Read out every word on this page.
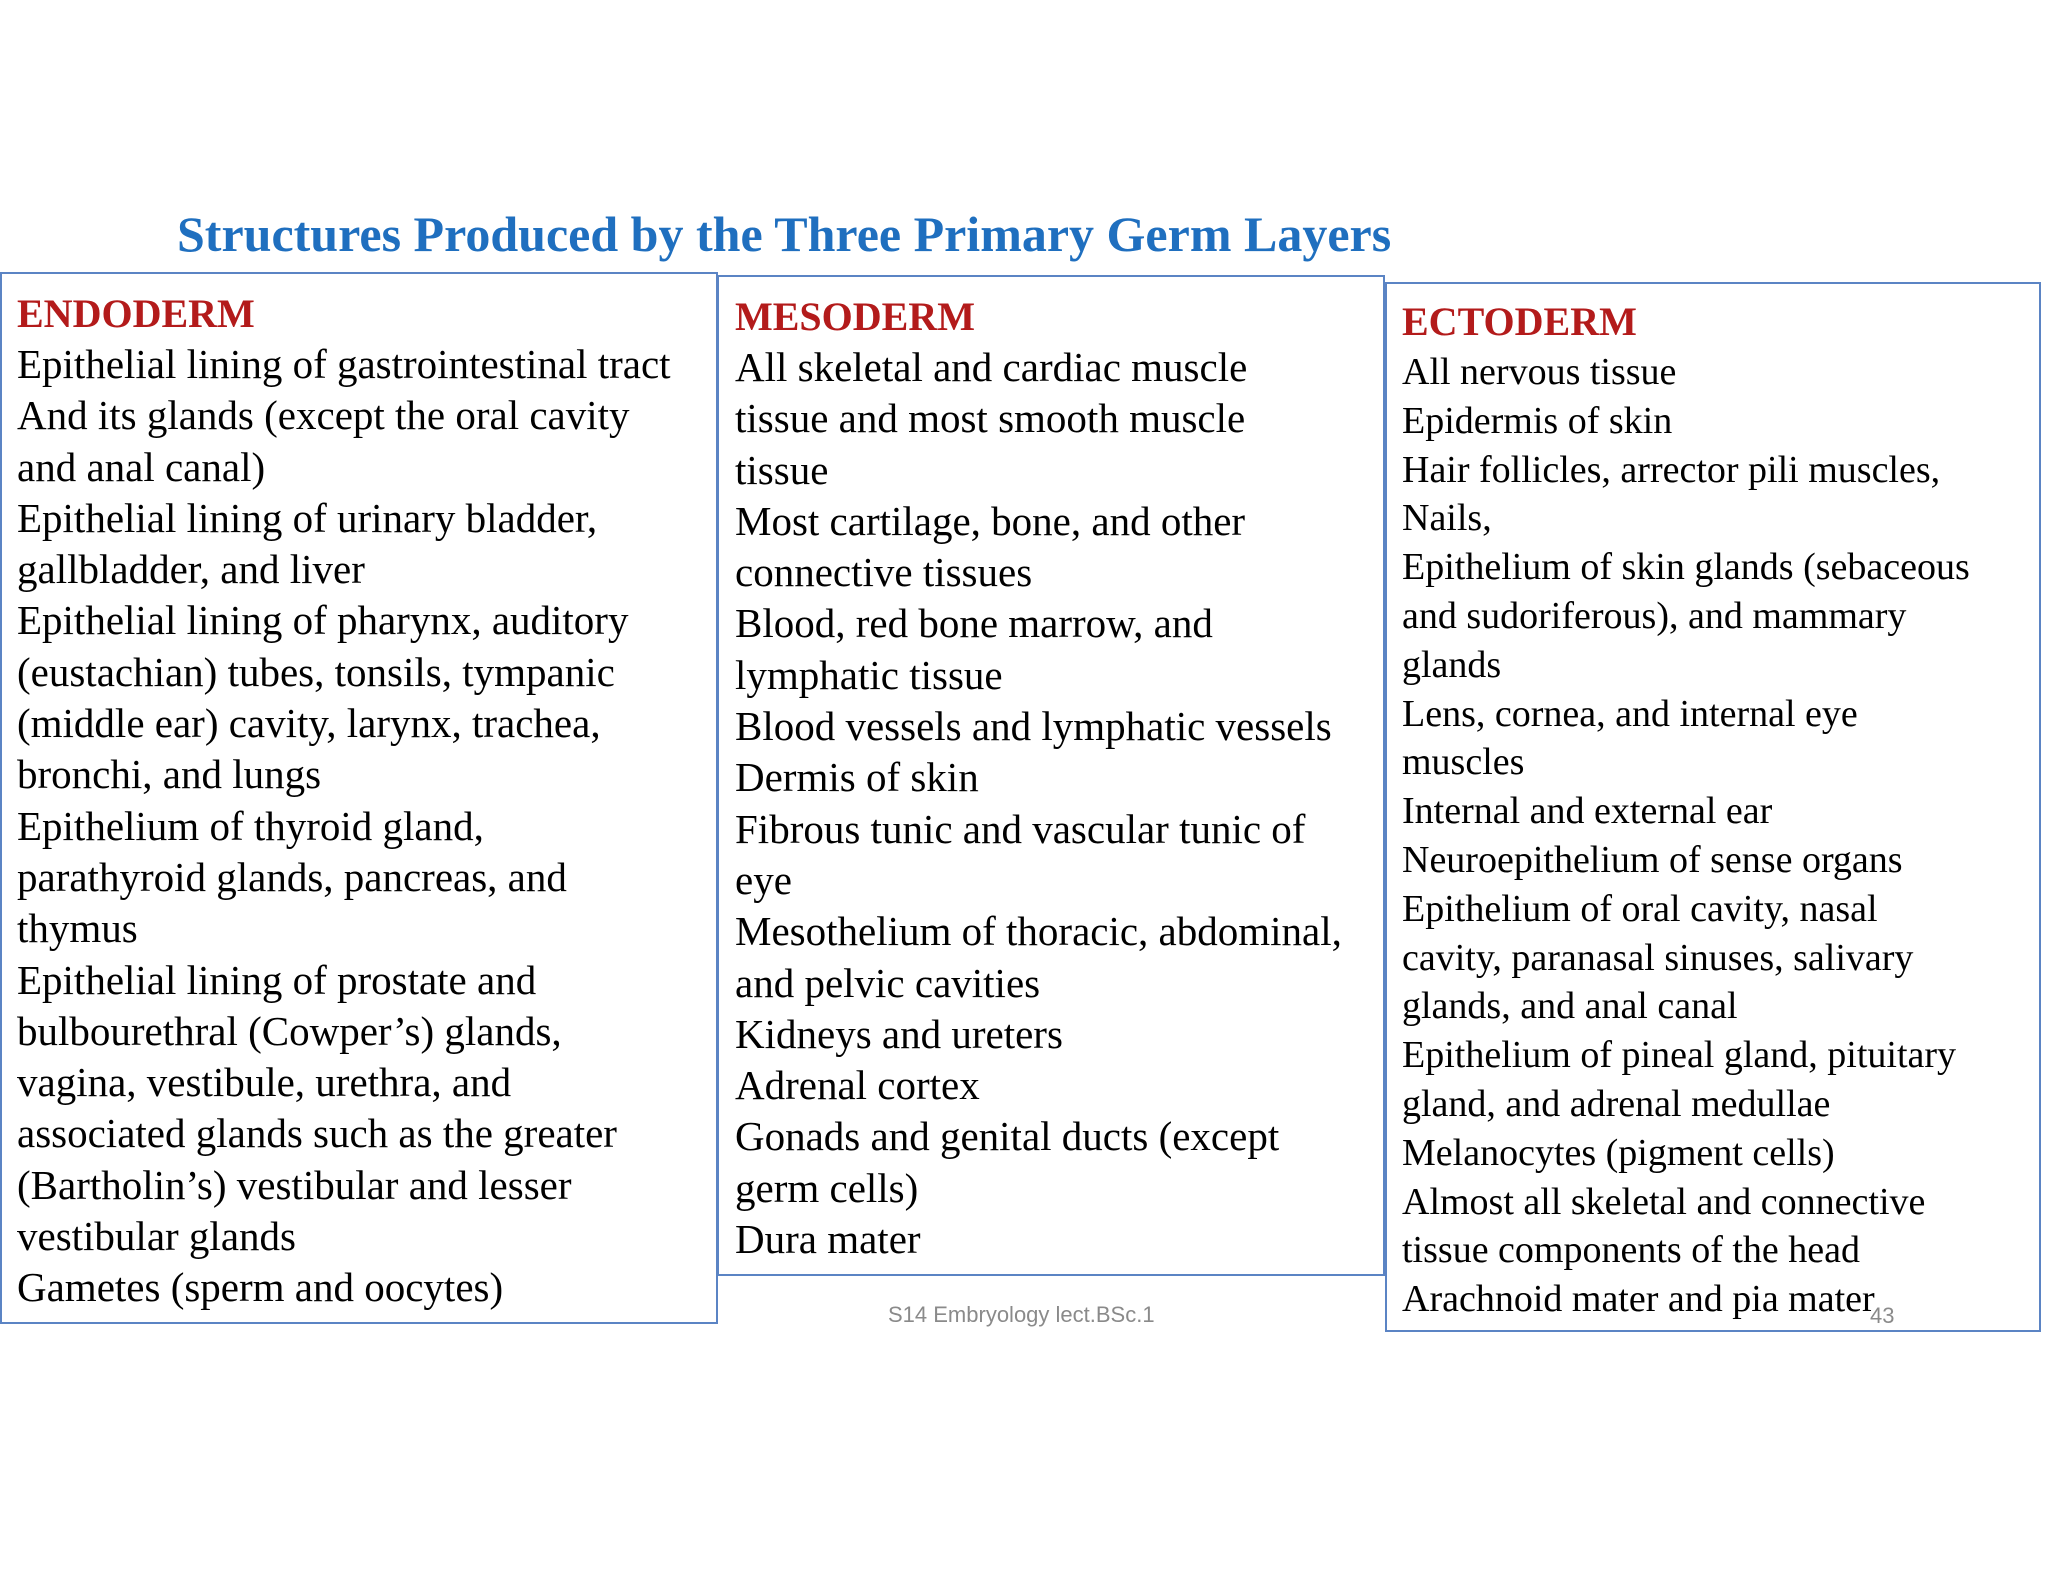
Structures Produced by the Three Primary Germ Layers
ENDODERM
Epithelial lining of gastrointestinal tract
And its glands (except the oral cavity
and anal canal)
Epithelial lining of urinary bladder,
gallbladder, and liver
Epithelial lining of pharynx, auditory
(eustachian) tubes, tonsils, tympanic
(middle ear) cavity, larynx, trachea,
bronchi, and lungs
Epithelium of thyroid gland,
parathyroid glands, pancreas, and
thymus
Epithelial lining of prostate and
bulbourethral (Cowper’s) glands,
vagina, vestibule, urethra, and
associated glands such as the greater
(Bartholin’s) vestibular and lesser
vestibular glands
Gametes (sperm and oocytes)
MESODERM
All skeletal and cardiac muscle
tissue and most smooth muscle
tissue
Most cartilage, bone, and other
connective tissues
Blood, red bone marrow, and
lymphatic tissue
Blood vessels and lymphatic vessels
Dermis of skin
Fibrous tunic and vascular tunic of
eye
Mesothelium of thoracic, abdominal,
and pelvic cavities
Kidneys and ureters
Adrenal cortex
Gonads and genital ducts (except
germ cells)
Dura mater
ECTODERM
All nervous tissue
Epidermis of skin
Hair follicles, arrector pili muscles,
Nails,
Epithelium of skin glands (sebaceous
and sudoriferous), and mammary
glands
Lens, cornea, and internal eye
muscles
Internal and external ear
Neuroepithelium of sense organs
Epithelium of oral cavity, nasal
cavity, paranasal sinuses, salivary
glands, and anal canal
Epithelium of pineal gland, pituitary
gland, and adrenal medullae
Melanocytes (pigment cells)
Almost all skeletal and connective
tissue components of the head
Arachnoid mater and pia mater
S14 Embryology lect.BSc.1	43
